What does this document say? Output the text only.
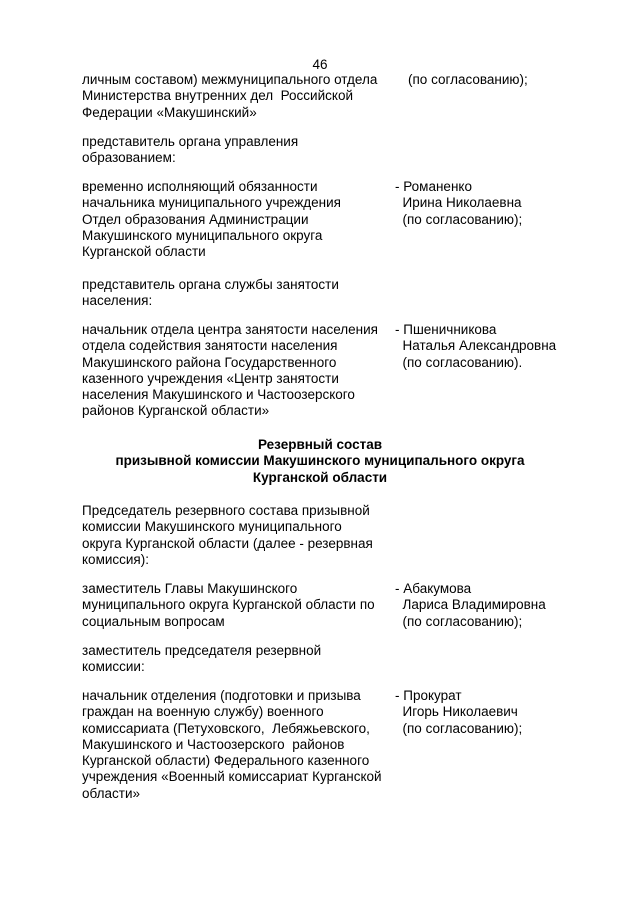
46
личным составом) межмуниципального отдела
Министерства внутренних дел  Российской
Федерации «Макушинский»
(по согласованию);
представитель органа управления
образованием:
временно исполняющий обязанности
начальника муниципального учреждения
Отдел образования Администрации
Макушинского муниципального округа
Курганской области
- Романенко
Ирина Николаевна
(по согласованию);
представитель органа службы занятости
населения:
начальник отдела центра занятости населения
отдела содействия занятости населения
Макушинского района Государственного
казенного учреждения «Центр занятости
населения Макушинского и Частоозерского
районов Курганской области»
- Пшеничникова
Наталья Александровна
(по согласованию).
Резервный состав
призывной комиссии Макушинского муниципального округа
Курганской области
Председатель резервного состава призывной
комиссии Макушинского муниципального
округа Курганской области (далее - резервная
комиссия):
заместитель Главы Макушинского
муниципального округа Курганской области по
социальным вопросам
- Абакумова
Лариса Владимировна
(по согласованию);
заместитель председателя резервной
комиссии:
начальник отделения (подготовки и призыва
граждан на военную службу) военного
комиссариата (Петуховского,  Лебяжьевского,
Макушинского и Частоозерского  районов
Курганской области) Федерального казенного
учреждения «Военный комиссариат Курганской
области»
- Прокурат
Игорь Николаевич
(по согласованию);
